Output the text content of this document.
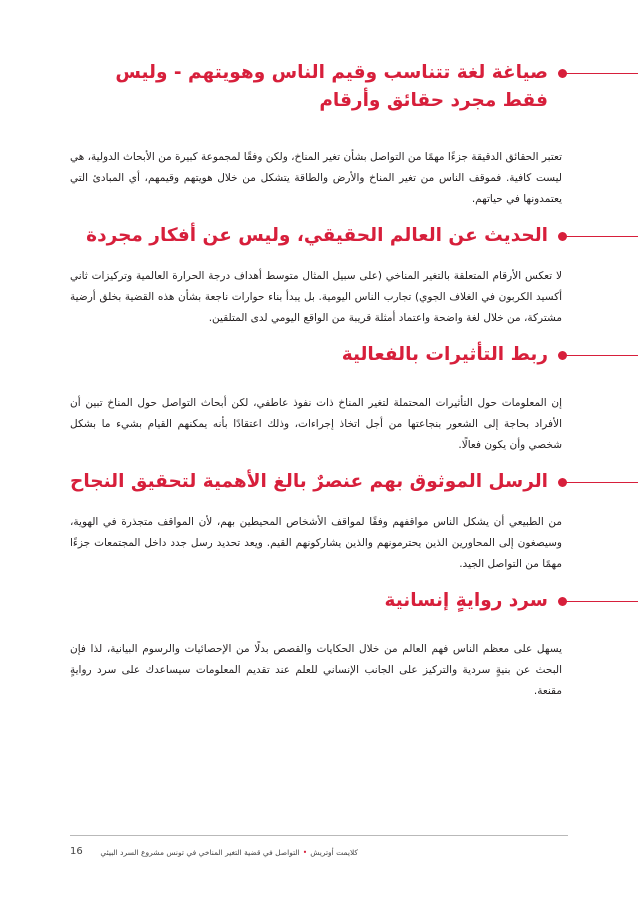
صياغة لغة تتناسب وقيم الناس وهويتهم - وليس فقط مجرد حقائق وأرقام

تعتبر الحقائق الدقيقة جزءًا مهمًا من التواصل بشأن تغير المناخ، ولكن وفقًا لمجموعة كبيرة من الأبحاث الدولية، هي ليست كافية. فموقف الناس من تغير المناخ والأرض والطاقة يتشكل من خلال هويتهم وقيمهم، أي المبادئ التي يعتمدونها في حياتهم.

الحديث عن العالم الحقيقي، وليس عن أفكار مجردة

لا تعكس الأرقام المتعلقة بالتغير المناخي (على سبيل المثال متوسط أهداف درجة الحرارة العالمية وتركيزات ثاني أكسيد الكربون في الغلاف الجوي) تجارب الناس اليومية. بل يبدأ بناء حوارات ناجعة بشأن هذه القضية بخلق أرضية مشتركة، من خلال لغة واضحة واعتماد أمثلة قريبة من الواقع اليومي لدى المتلقين.

ربط التأثيرات بالفعالية

إن المعلومات حول التأثيرات المحتملة لتغير المناخ ذات نفوذ عاطفي، لكن أبحاث التواصل حول المناخ تبين أن الأفراد بحاجة إلى الشعور بنجاعتها من أجل اتخاذ إجراءات، وذلك اعتقادًا بأنه يمكنهم القيام بشيء ما بشكل شخصي وأن يكون فعالًا.

الرسل الموثوق بهم عنصرٌ بالغ الأهمية لتحقيق النجاح

من الطبيعي أن يشكل الناس مواقفهم وفقًا لمواقف الأشخاص المحيطين بهم، لأن المواقف متجذرة في الهوية، وسيصغون إلى المحاورين الذين يحترمونهم والذين يشاركونهم القيم. ويعد تحديد رسل جدد داخل المجتمعات جزءًا مهمًا من التواصل الجيد.

سرد روايةٍ إنسانية

يسهل على معظم الناس فهم العالم من خلال الحكايات والقصص بدلًا من الإحصائيات والرسوم البيانية، لذا فإن البحث عن بنيةٍ سردية والتركيز على الجانب الإنساني للعلم عند تقديم المعلومات سيساعدك على سرد روايةٍ مقنعة.

16	كلايمت أوتريش•التواصل في قضية التغير المناخي في تونس مشروع السرد البيئي
